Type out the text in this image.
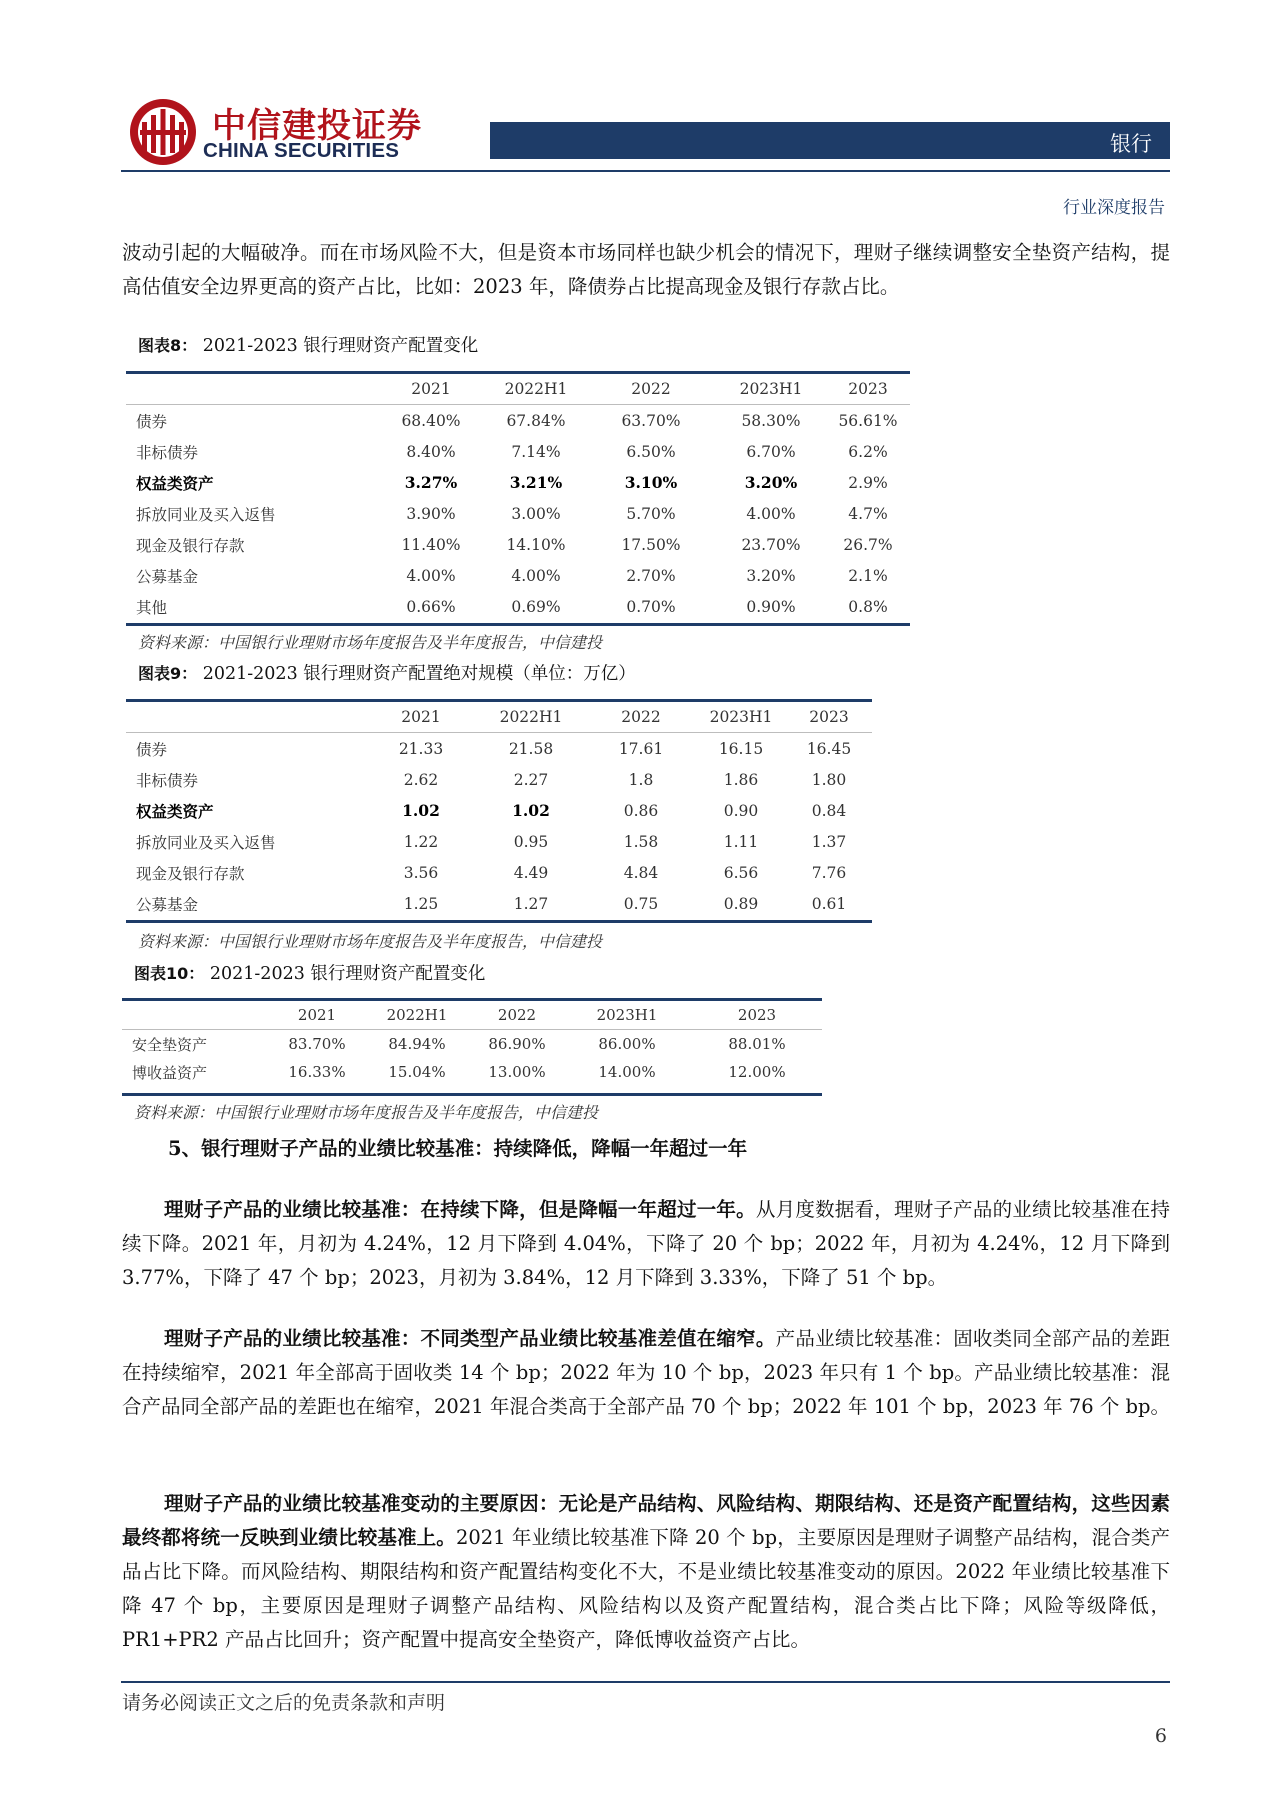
中信建投证券
CHINA SECURITIES	银行
行业深度报告
波动引起的大幅破净。而在市场风险不大，但是资本市场同样也缺少机会的情况下，理财子继续调整安全垫资产结构，提高估值安全边界更高的资产占比，比如：2023 年，降债券占比提高现金及银行存款占比。
图表8： 2021-2023 银行理财资产配置变化
	2021	2022H1	2022	2023H1	2023
债券	68.40%	67.84%	63.70%	58.30%	56.61%
非标债券	8.40%	7.14%	6.50%	6.70%	6.2%
权益类资产	3.27%	3.21%	3.10%	3.20%	2.9%
拆放同业及买入返售	3.90%	3.00%	5.70%	4.00%	4.7%
现金及银行存款	11.40%	14.10%	17.50%	23.70%	26.7%
公募基金	4.00%	4.00%	2.70%	3.20%	2.1%
其他	0.66%	0.69%	0.70%	0.90%	0.8%
资料来源：中国银行业理财市场年度报告及半年度报告，中信建投
图表9： 2021-2023 银行理财资产配置绝对规模（单位：万亿）
	2021	2022H1	2022	2023H1	2023
债券	21.33	21.58	17.61	16.15	16.45
非标债券	2.62	2.27	1.8	1.86	1.80
权益类资产	1.02	1.02	0.86	0.90	0.84
拆放同业及买入返售	1.22	0.95	1.58	1.11	1.37
现金及银行存款	3.56	4.49	4.84	6.56	7.76
公募基金	1.25	1.27	0.75	0.89	0.61
资料来源：中国银行业理财市场年度报告及半年度报告，中信建投
图表10： 2021-2023 银行理财资产配置变化
	2021	2022H1	2022	2023H1	2023
安全垫资产	83.70%	84.94%	86.90%	86.00%	88.01%
博收益资产	16.33%	15.04%	13.00%	14.00%	12.00%
资料来源：中国银行业理财市场年度报告及半年度报告，中信建投
5、银行理财子产品的业绩比较基准：持续降低，降幅一年超过一年
理财子产品的业绩比较基准：在持续下降，但是降幅一年超过一年。从月度数据看，理财子产品的业绩比较基准在持续下降。2021 年，月初为 4.24%，12 月下降到 4.04%，下降了 20 个 bp；2022 年，月初为 4.24%，12 月下降到 3.77%，下降了 47 个 bp；2023，月初为 3.84%，12 月下降到 3.33%，下降了 51 个 bp。
理财子产品的业绩比较基准：不同类型产品业绩比较基准差值在缩窄。产品业绩比较基准：固收类同全部产品的差距在持续缩窄，2021 年全部高于固收类 14 个 bp；2022 年为 10 个 bp，2023 年只有 1 个 bp。产品业绩比较基准：混合产品同全部产品的差距也在缩窄，2021 年混合类高于全部产品 70 个 bp；2022 年 101 个 bp，2023 年 76 个 bp。
理财子产品的业绩比较基准变动的主要原因：无论是产品结构、风险结构、期限结构、还是资产配置结构，这些因素最终都将统一反映到业绩比较基准上。2021 年业绩比较基准下降 20 个 bp，主要原因是理财子调整产品结构，混合类产品占比下降。而风险结构、期限结构和资产配置结构变化不大，不是业绩比较基准变动的原因。2022 年业绩比较基准下降 47 个 bp，主要原因是理财子调整产品结构、风险结构以及资产配置结构，混合类占比下降；风险等级降低，PR1+PR2 产品占比回升；资产配置中提高安全垫资产，降低博收益资产占比。
请务必阅读正文之后的免责条款和声明
6
